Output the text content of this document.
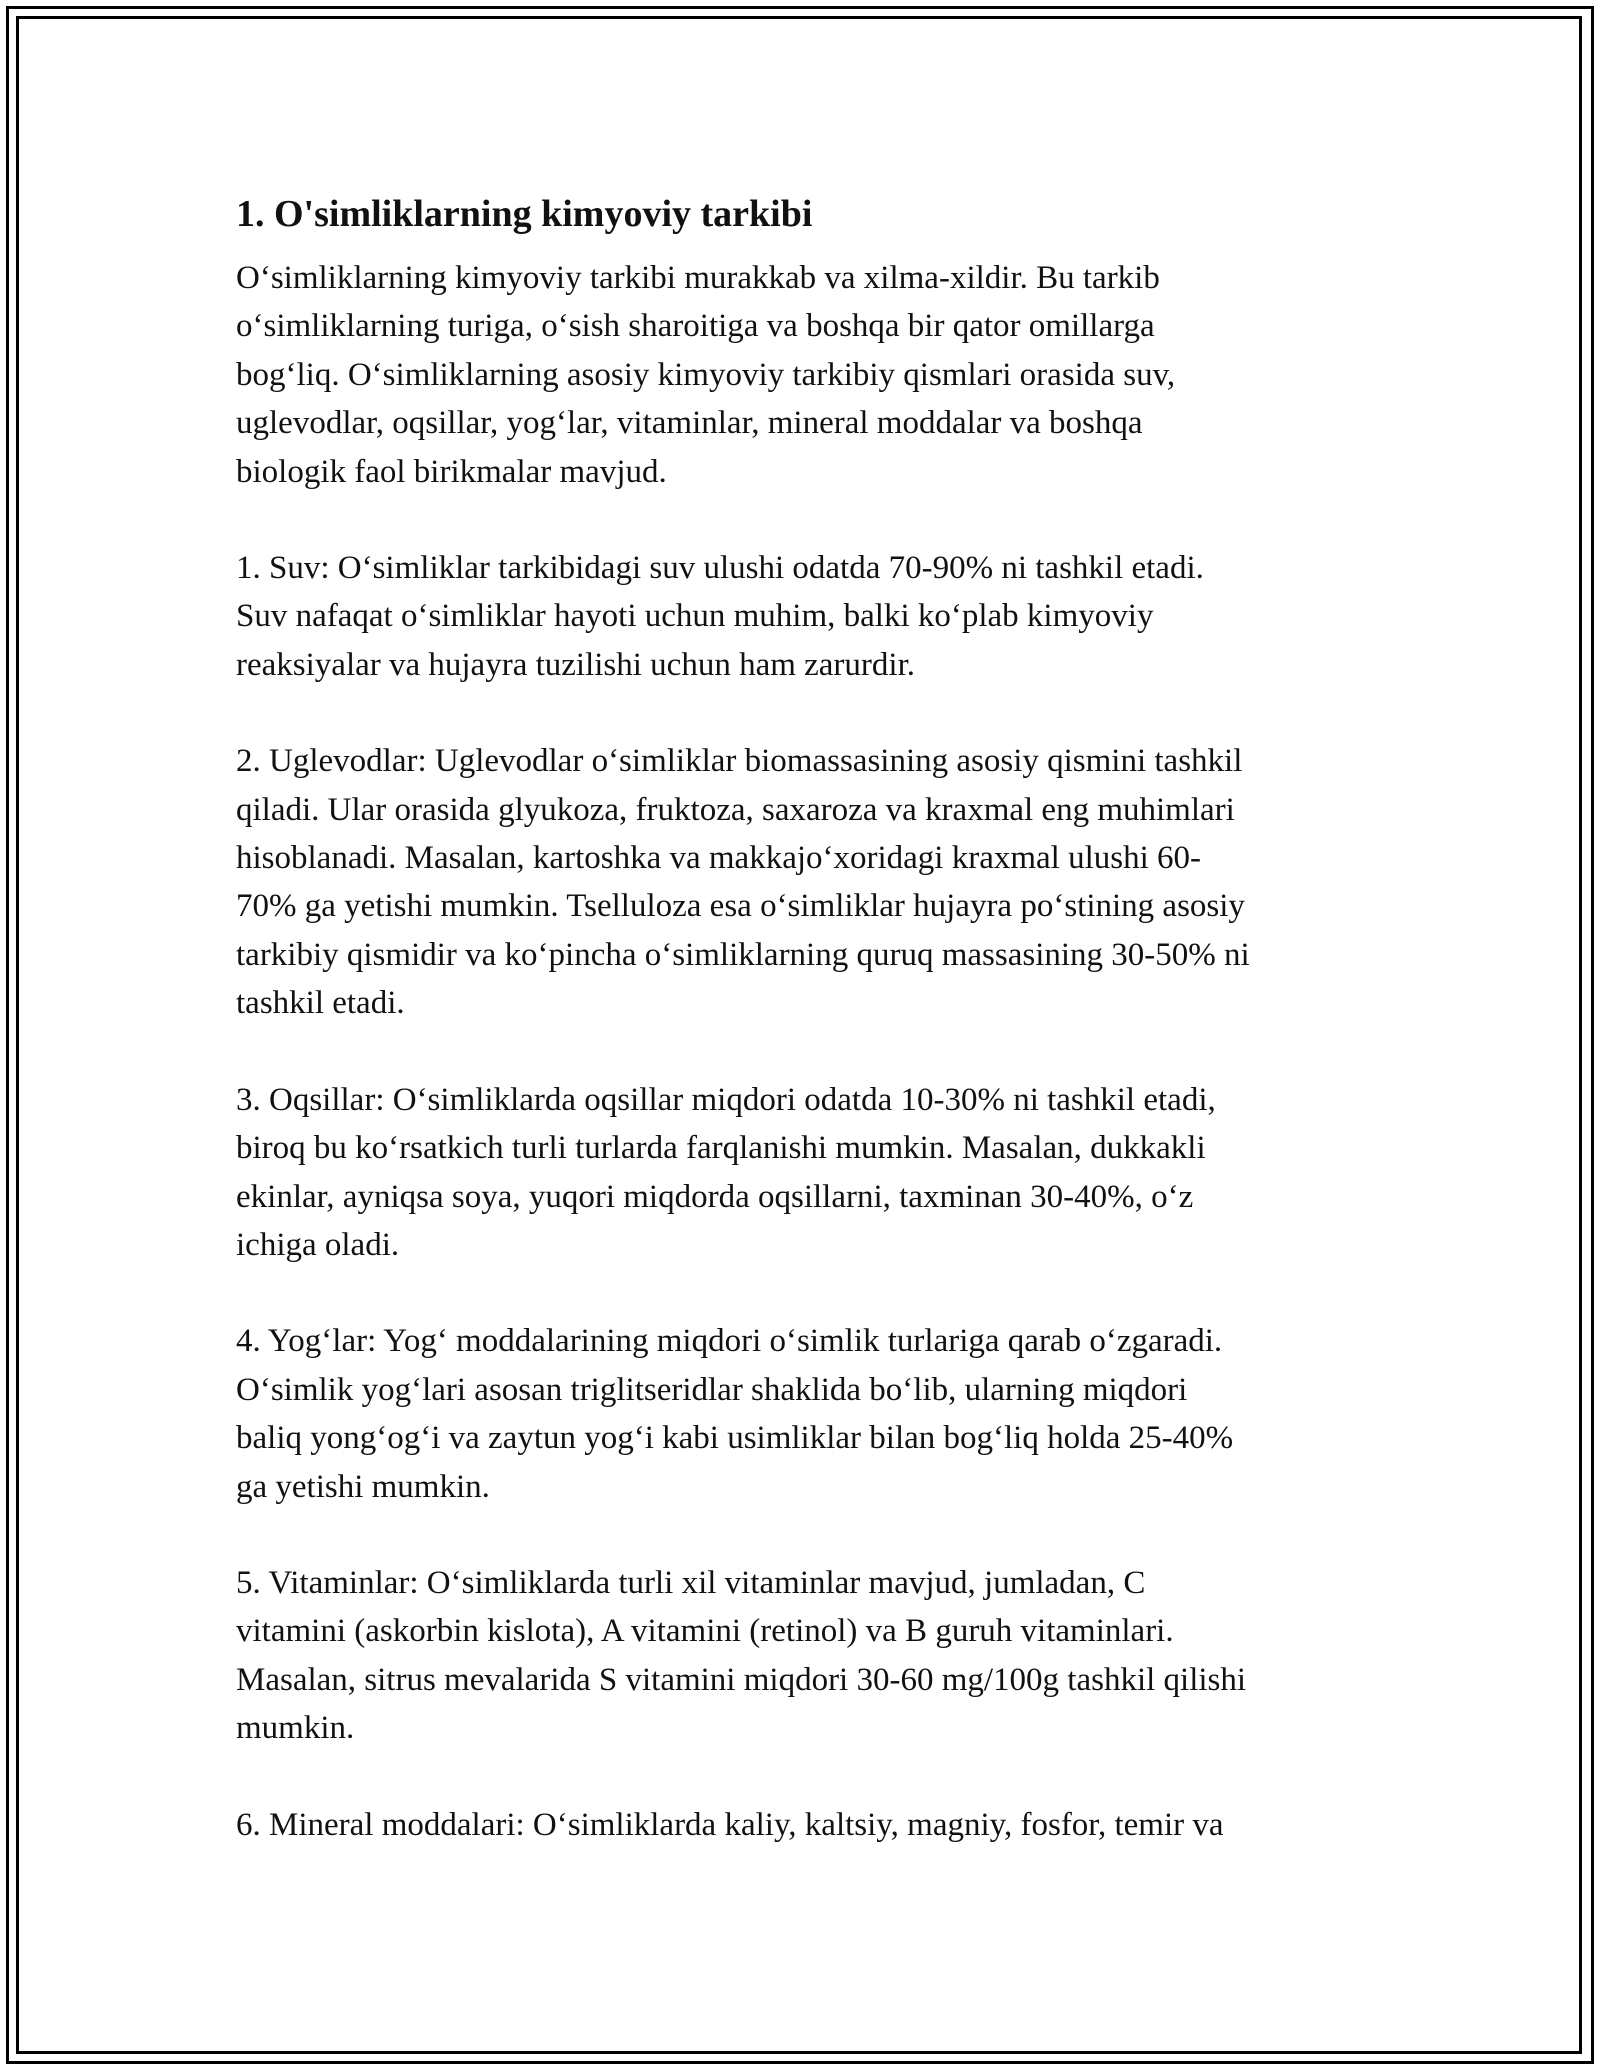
1. O'simliklarning kimyoviy tarkibi
O‘simliklarning kimyoviy tarkibi murakkab va xilma-xildir. Bu tarkib
o‘simliklarning turiga, o‘sish sharoitiga va boshqa bir qator omillarga
bog‘liq. O‘simliklarning asosiy kimyoviy tarkibiy qismlari orasida suv,
uglevodlar, oqsillar, yog‘lar, vitaminlar, mineral moddalar va boshqa
biologik faol birikmalar mavjud.
1. Suv: O‘simliklar tarkibidagi suv ulushi odatda 70-90% ni tashkil etadi.
Suv nafaqat o‘simliklar hayoti uchun muhim, balki ko‘plab kimyoviy
reaksiyalar va hujayra tuzilishi uchun ham zarurdir.
2. Uglevodlar: Uglevodlar o‘simliklar biomassasining asosiy qismini tashkil
qiladi. Ular orasida glyukoza, fruktoza, saxaroza va kraxmal eng muhimlari
hisoblanadi. Masalan, kartoshka va makkajo‘xoridagi kraxmal ulushi 60-
70% ga yetishi mumkin. Tselluloza esa o‘simliklar hujayra po‘stining asosiy
tarkibiy qismidir va ko‘pincha o‘simliklarning quruq massasining 30-50% ni
tashkil etadi.
3. Oqsillar: O‘simliklarda oqsillar miqdori odatda 10-30% ni tashkil etadi,
biroq bu ko‘rsatkich turli turlarda farqlanishi mumkin. Masalan, dukkakli
ekinlar, ayniqsa soya, yuqori miqdorda oqsillarni, taxminan 30-40%, o‘z
ichiga oladi.
4. Yog‘lar: Yog‘ moddalarining miqdori o‘simlik turlariga qarab o‘zgaradi.
O‘simlik yog‘lari asosan triglitseridlar shaklida bo‘lib, ularning miqdori
baliq yong‘og‘i va zaytun yog‘i kabi usimliklar bilan bog‘liq holda 25-40%
ga yetishi mumkin.
5. Vitaminlar: O‘simliklarda turli xil vitaminlar mavjud, jumladan, C
vitamini (askorbin kislota), A vitamini (retinol) va B guruh vitaminlari.
Masalan, sitrus mevalarida S vitamini miqdori 30-60 mg/100g tashkil qilishi
mumkin.
6. Mineral moddalari: O‘simliklarda kaliy, kaltsiy, magniy, fosfor, temir va
